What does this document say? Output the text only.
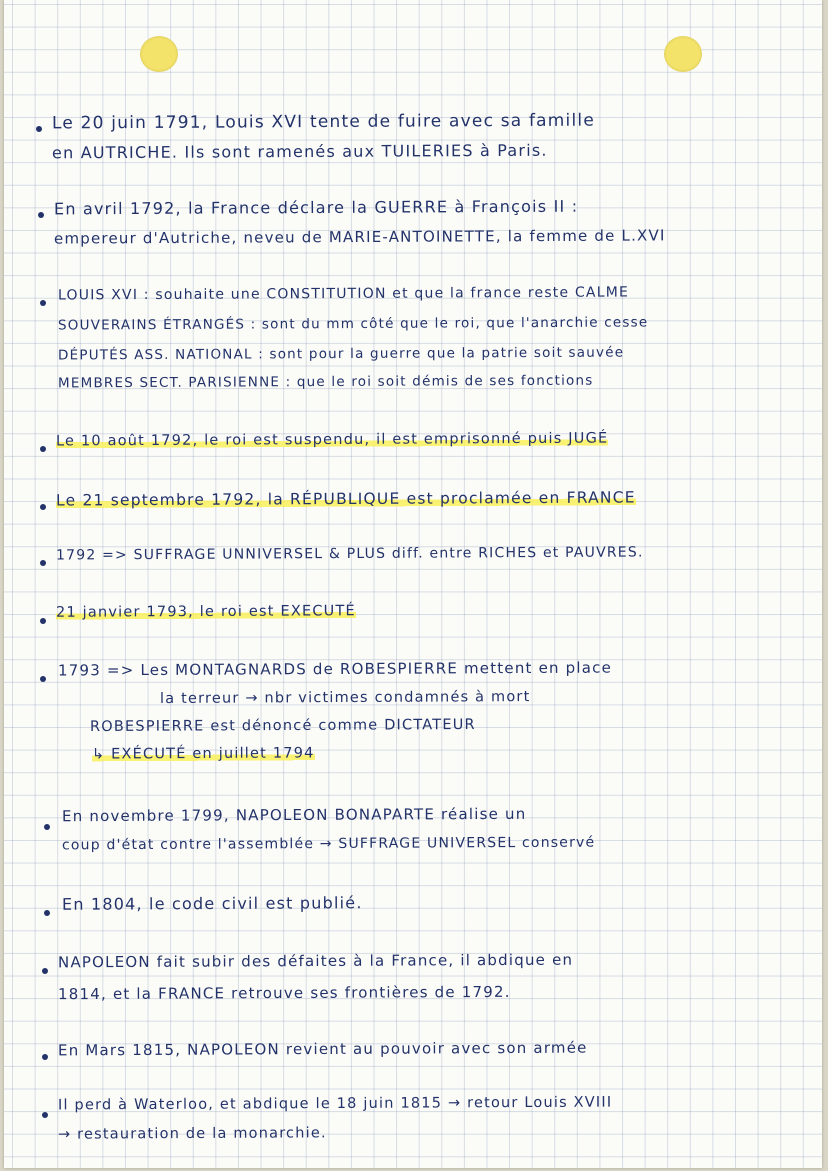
Le 20 juin 1791, Louis XVI tente de fuire avec sa famille
en AUTRICHE. Ils sont ramenés aux TUILERIES à Paris.
En avril 1792, la France déclare la GUERRE à François II :
empereur d'Autriche, neveu de MARIE-ANTOINETTE, la femme de L.XVI
LOUIS XVI : souhaite une CONSTITUTION et que la france reste CALME
SOUVERAINS ÉTRANGÉS : sont du mm côté que le roi, que l'anarchie cesse
DÉPUTÉS ASS. NATIONAL : sont pour la guerre que la patrie soit sauvée
MEMBRES SECT. PARISIENNE : que le roi soit démis de ses fonctions
Le 10 août 1792, le roi est suspendu, il est emprisonné puis JUGÉ
Le 21 septembre 1792, la RÉPUBLIQUE est proclamée en FRANCE
1792 => SUFFRAGE UNNIVERSEL & PLUS diff. entre RICHES et PAUVRES.
21 janvier 1793, le roi est EXECUTÉ
1793 => Les MONTAGNARDS de ROBESPIERRE mettent en place
la terreur → nbr victimes condamnés à mort
ROBESPIERRE est dénoncé comme DICTATEUR
↳ EXÉCUTÉ en juillet 1794
En novembre 1799, NAPOLEON BONAPARTE réalise un
coup d'état contre l'assemblée → SUFFRAGE UNIVERSEL conservé
En 1804, le code civil est publié.
NAPOLEON fait subir des défaites à la France, il abdique en
1814, et la FRANCE retrouve ses frontières de 1792.
En Mars 1815, NAPOLEON revient au pouvoir avec son armée
Il perd à Waterloo, et abdique le 18 juin 1815 → retour Louis XVIII
→ restauration de la monarchie.
